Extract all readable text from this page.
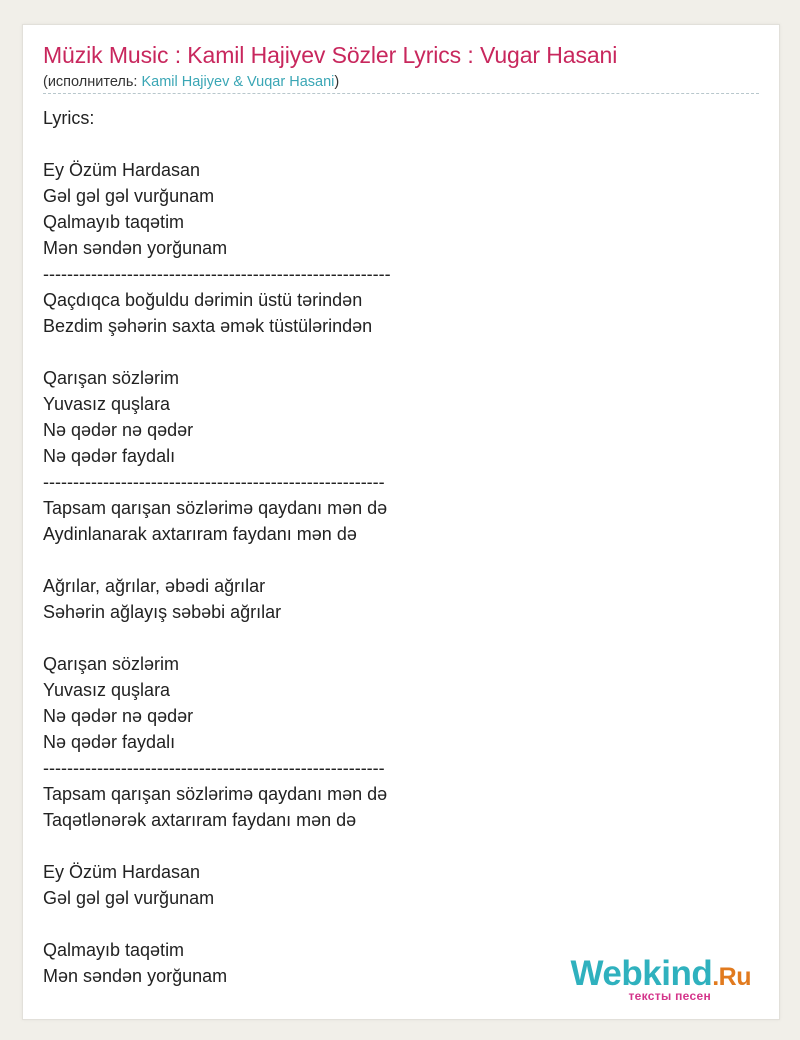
Müzik Music : Kamil Hajiyev Sözler Lyrics : Vugar Hasani
(исполнитель: Kamil Hajiyev & Vuqar Hasani)
Lyrics:
Ey Özüm Hardasan
Gəl gəl gəl vurğunam
Qalmayıb taqətim
Mən səndən yorğunam
----------------------------------------------------------
Qaçdıqca boğuldu dərimin üstü tərindən
Bezdim şəhərin saxta əmək tüstülərindən
Qarışan sözlərim
Yuvasız quşlara
Nə qədər nə qədər
Nə qədər faydalı
---------------------------------------------------------
Tapsam qarışan sözlərimə qaydanı mən də
Aydinlanarak axtarıram faydanı mən də
Ağrılar, ağrılar, əbədi ağrılar
Səhərin ağlayış səbəbi ağrılar
Qarışan sözlərim
Yuvasız quşlara
Nə qədər nə qədər
Nə qədər faydalı
---------------------------------------------------------
Tapsam qarışan sözlərimə qaydanı mən də
Taqətlənərək axtarıram faydanı mən də
Ey Özüm Hardasan
Gəl gəl gəl vurğunam
Qalmayıb taqətim
Mən səndən yorğunam	Webkind.Ru
тексты песен
